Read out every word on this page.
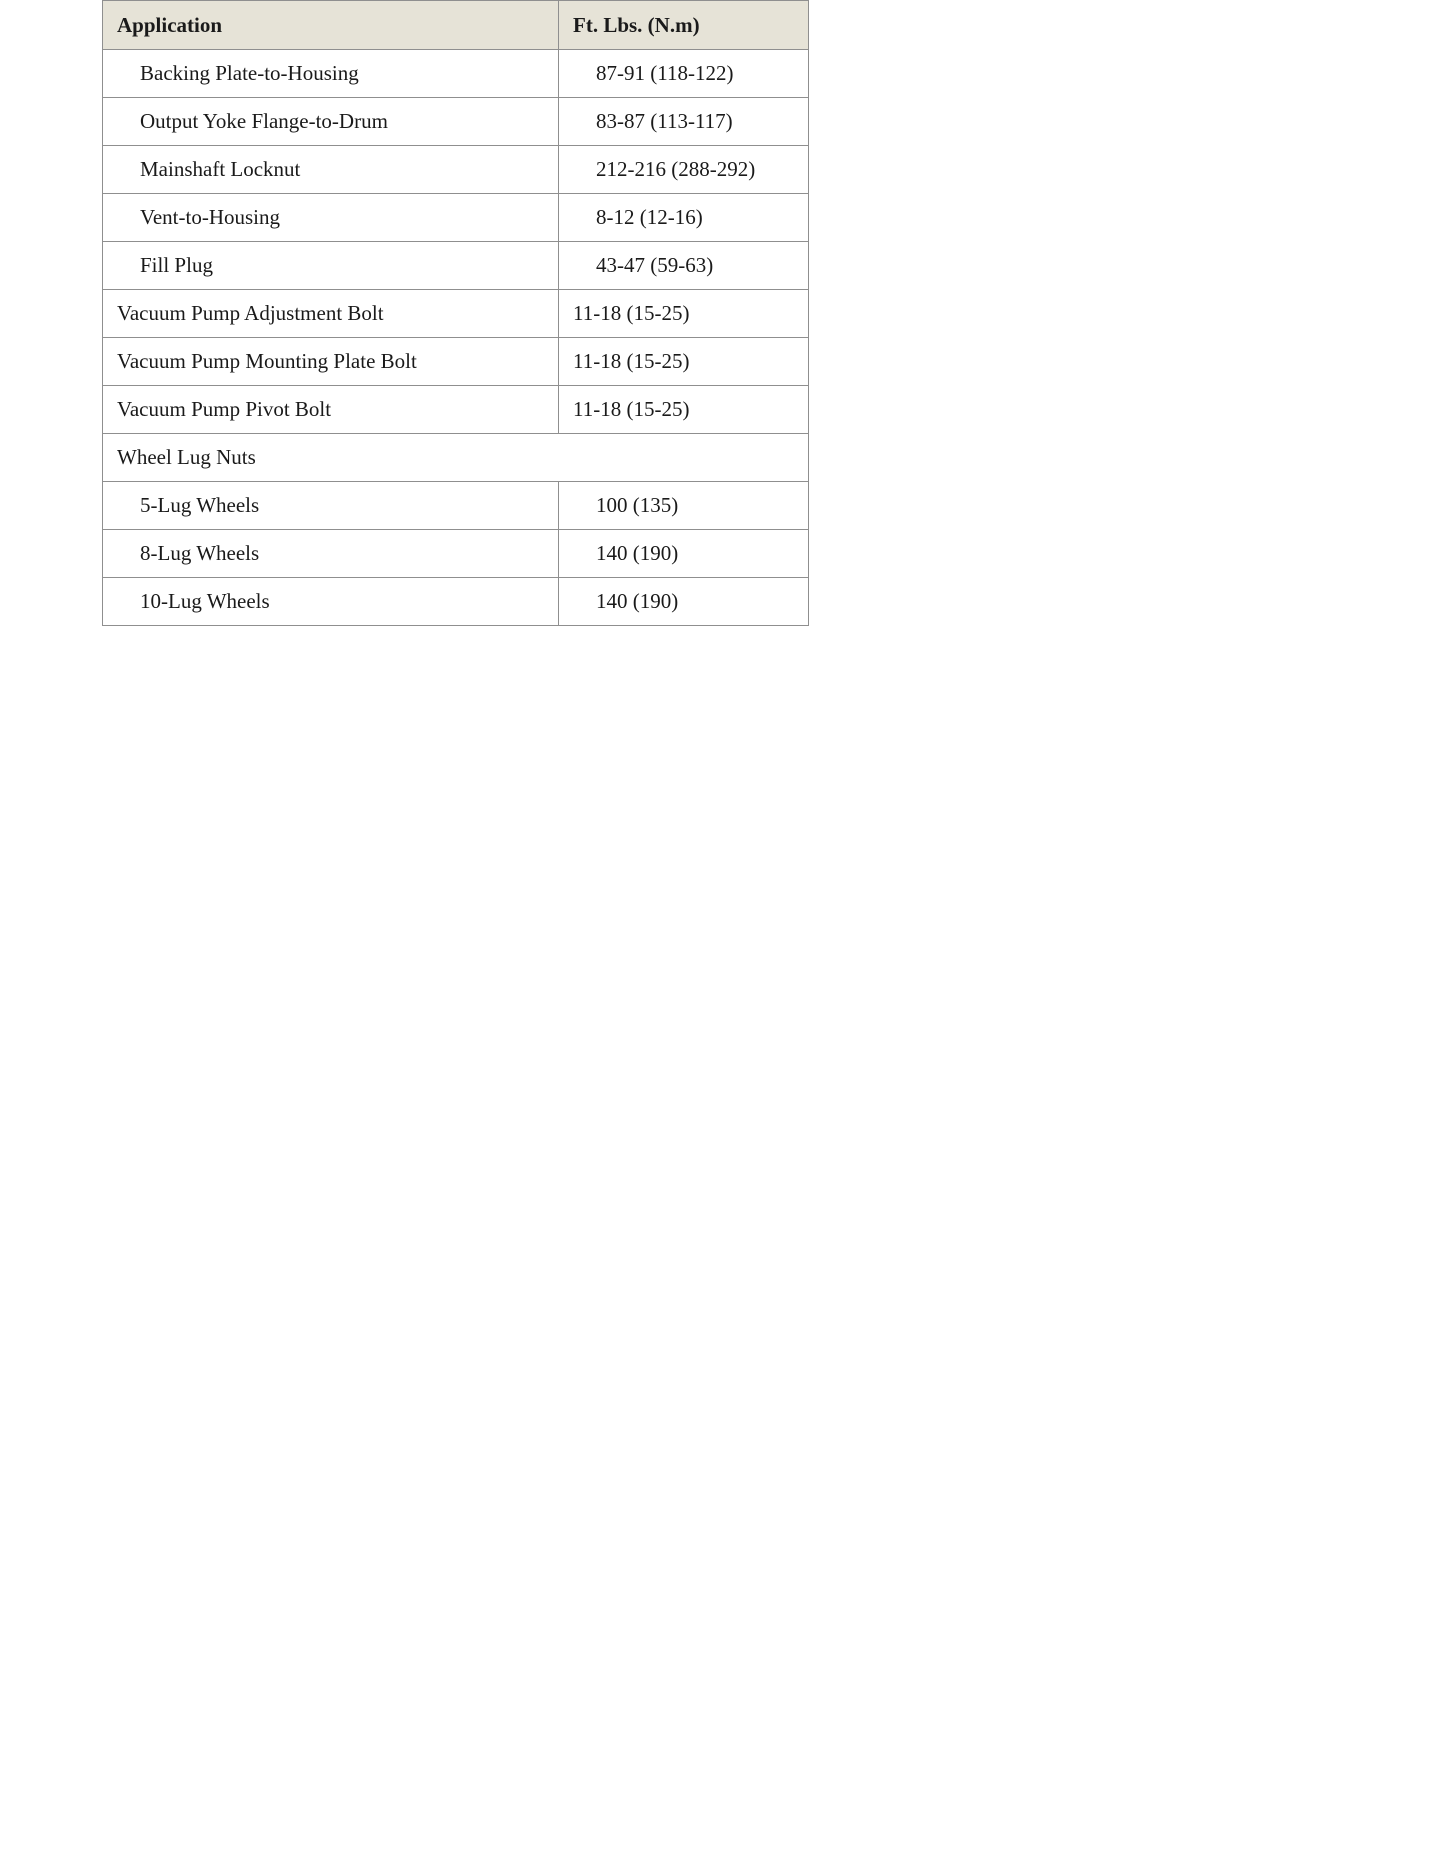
Application	Ft. Lbs. (N.m)
Backing Plate-to-Housing	87-91 (118-122)
Output Yoke Flange-to-Drum	83-87 (113-117)
Mainshaft Locknut	212-216 (288-292)
Vent-to-Housing	8-12 (12-16)
Fill Plug	43-47 (59-63)
Vacuum Pump Adjustment Bolt	11-18 (15-25)
Vacuum Pump Mounting Plate Bolt	11-18 (15-25)
Vacuum Pump Pivot Bolt	11-18 (15-25)
Wheel Lug Nuts	
5-Lug Wheels	100 (135)
8-Lug Wheels	140 (190)
10-Lug Wheels	140 (190)
